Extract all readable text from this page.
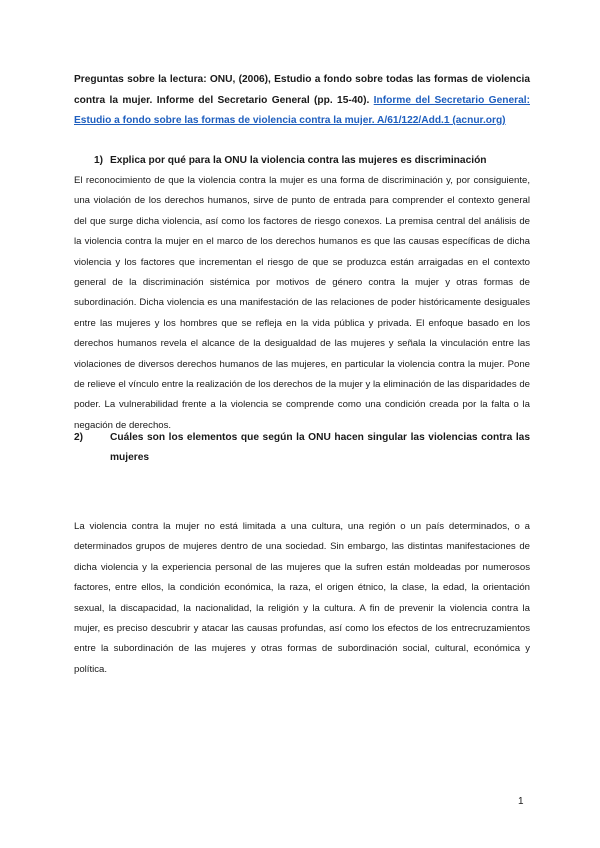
Preguntas sobre la lectura: ONU, (2006), Estudio a fondo sobre todas las formas de violencia contra la mujer. Informe del Secretario General (pp. 15-40). Informe del Secretario General: Estudio a fondo sobre las formas de violencia contra la mujer. A/61/122/Add.1 (acnur.org)
1) Explica por qué para la ONU la violencia contra las mujeres es discriminación
El reconocimiento de que la violencia contra la mujer es una forma de discriminación y, por consiguiente, una violación de los derechos humanos, sirve de punto de entrada para comprender el contexto general del que surge dicha violencia, así como los factores de riesgo conexos. La premisa central del análisis de la violencia contra la mujer en el marco de los derechos humanos es que las causas específicas de dicha violencia y los factores que incrementan el riesgo de que se produzca están arraigadas en el contexto general de la discriminación sistémica por motivos de género contra la mujer y otras formas de subordinación. Dicha violencia es una manifestación de las relaciones de poder históricamente desiguales entre las mujeres y los hombres que se refleja en la vida pública y privada. El enfoque basado en los derechos humanos revela el alcance de la desigualdad de las mujeres y señala la vinculación entre las violaciones de diversos derechos humanos de las mujeres, en particular la violencia contra la mujer. Pone de relieve el vínculo entre la realización de los derechos de la mujer y la eliminación de las disparidades de poder. La vulnerabilidad frente a la violencia se comprende como una condición creada por la falta o la negación de derechos.
2)	Cuáles son los elementos que según la ONU hacen singular las violencias contra las
mujeres
La violencia contra la mujer no está limitada a una cultura, una región o un país determinados, o a determinados grupos de mujeres dentro de una sociedad. Sin embargo, las distintas manifestaciones de dicha violencia y la experiencia personal de las mujeres que la sufren están moldeadas por numerosos factores, entre ellos, la condición económica, la raza, el origen étnico, la clase, la edad, la orientación sexual, la discapacidad, la nacionalidad, la religión y la cultura. A fin de prevenir la violencia contra la mujer, es preciso descubrir y atacar las causas profundas, así como los efectos de los entrecruzamientos entre la subordinación de las mujeres y otras formas de subordinación social, cultural, económica y política.
1
